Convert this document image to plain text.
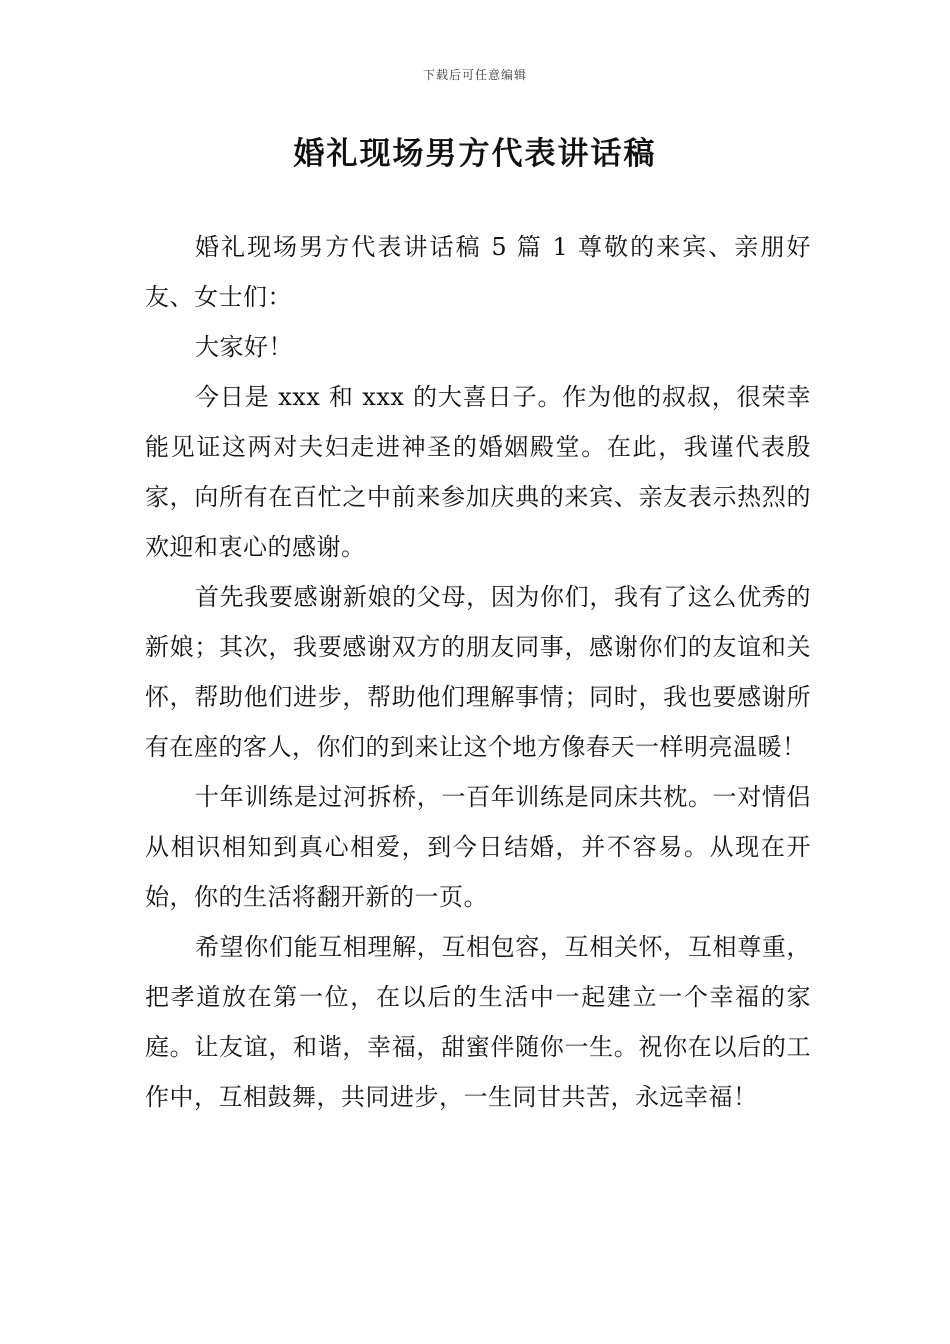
下载后可任意编辑
婚礼现场男方代表讲话稿

婚礼现场男方代表讲话稿 5 篇 1 尊敬的来宾、亲朋好友、女士们：

大家好！

今日是 xxx 和 xxx 的大喜日子。作为他的叔叔，很荣幸能见证这两对夫妇走进神圣的婚姻殿堂。在此，我谨代表殷家，向所有在百忙之中前来参加庆典的来宾、亲友表示热烈的欢迎和衷心的感谢。

首先我要感谢新娘的父母，因为你们，我有了这么优秀的新娘；其次，我要感谢双方的朋友同事，感谢你们的友谊和关怀，帮助他们进步，帮助他们理解事情；同时，我也要感谢所有在座的客人，你们的到来让这个地方像春天一样明亮温暖！

十年训练是过河拆桥，一百年训练是同床共枕。一对情侣从相识相知到真心相爱，到今日结婚，并不容易。从现在开始，你的生活将翻开新的一页。

希望你们能互相理解，互相包容，互相关怀，互相尊重，把孝道放在第一位，在以后的生活中一起建立一个幸福的家庭。让友谊，和谐，幸福，甜蜜伴随你一生。祝你在以后的工作中，互相鼓舞，共同进步，一生同甘共苦，永远幸福！
